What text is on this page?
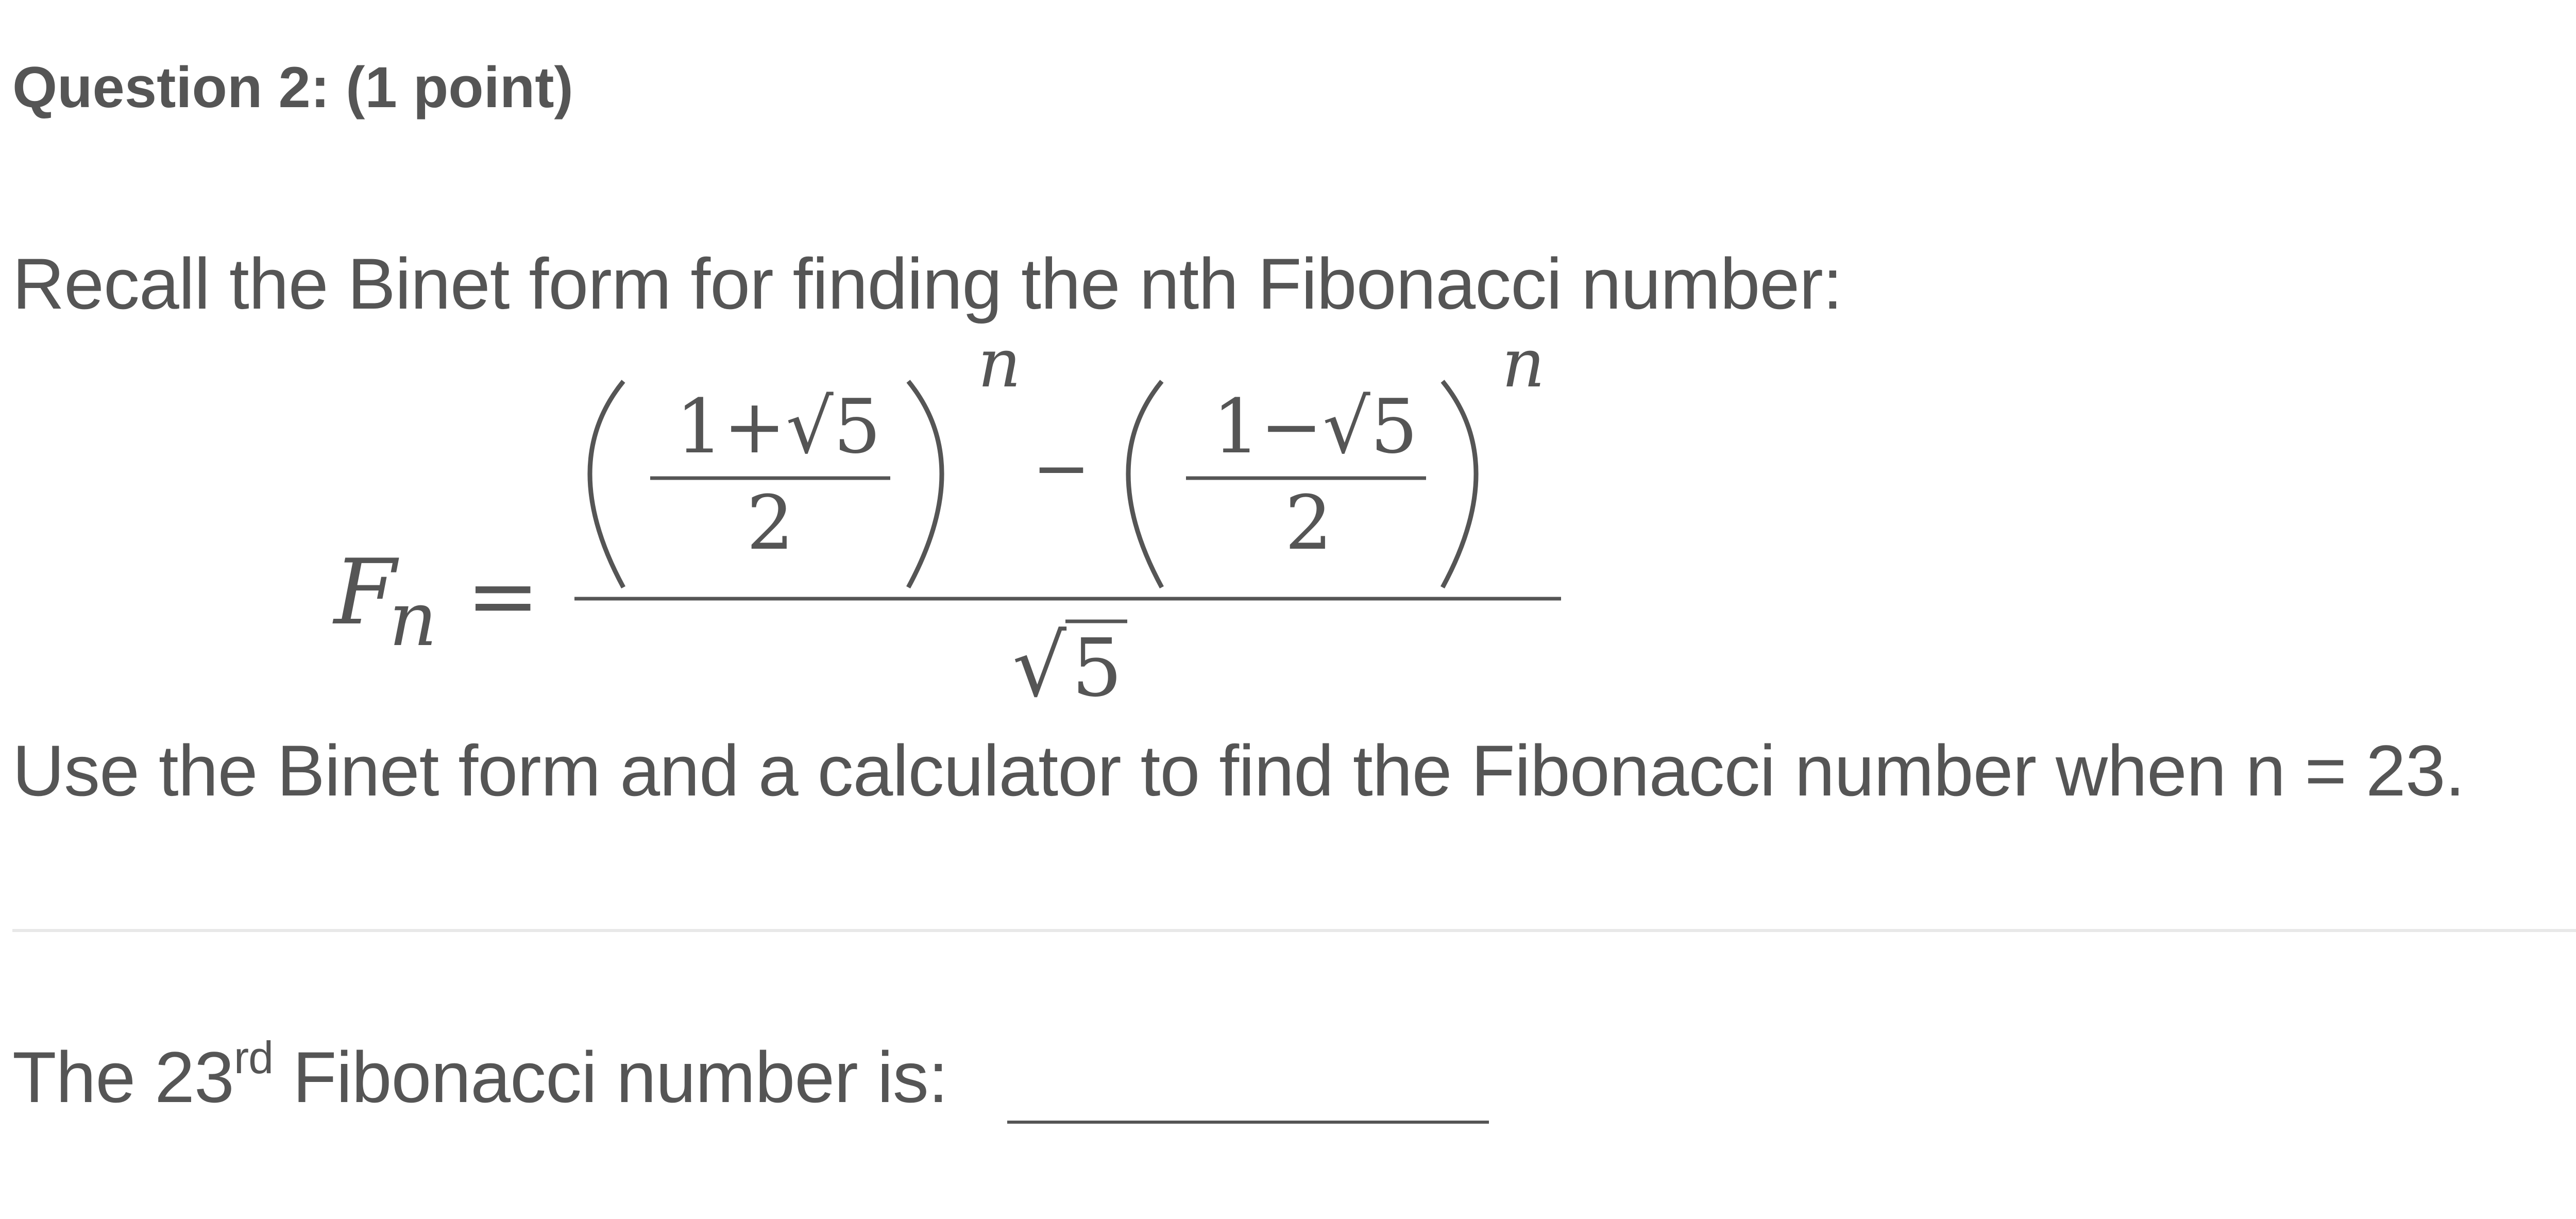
Question 2: (1 point)
Recall the Binet form for finding the nth Fibonacci number:
F
n =
1+√5
2
n
− 1−√5
2
n
√ 5
Use the Binet form and a calculator to find the Fibonacci number when n = 23.
The 23rd Fibonacci number is:
